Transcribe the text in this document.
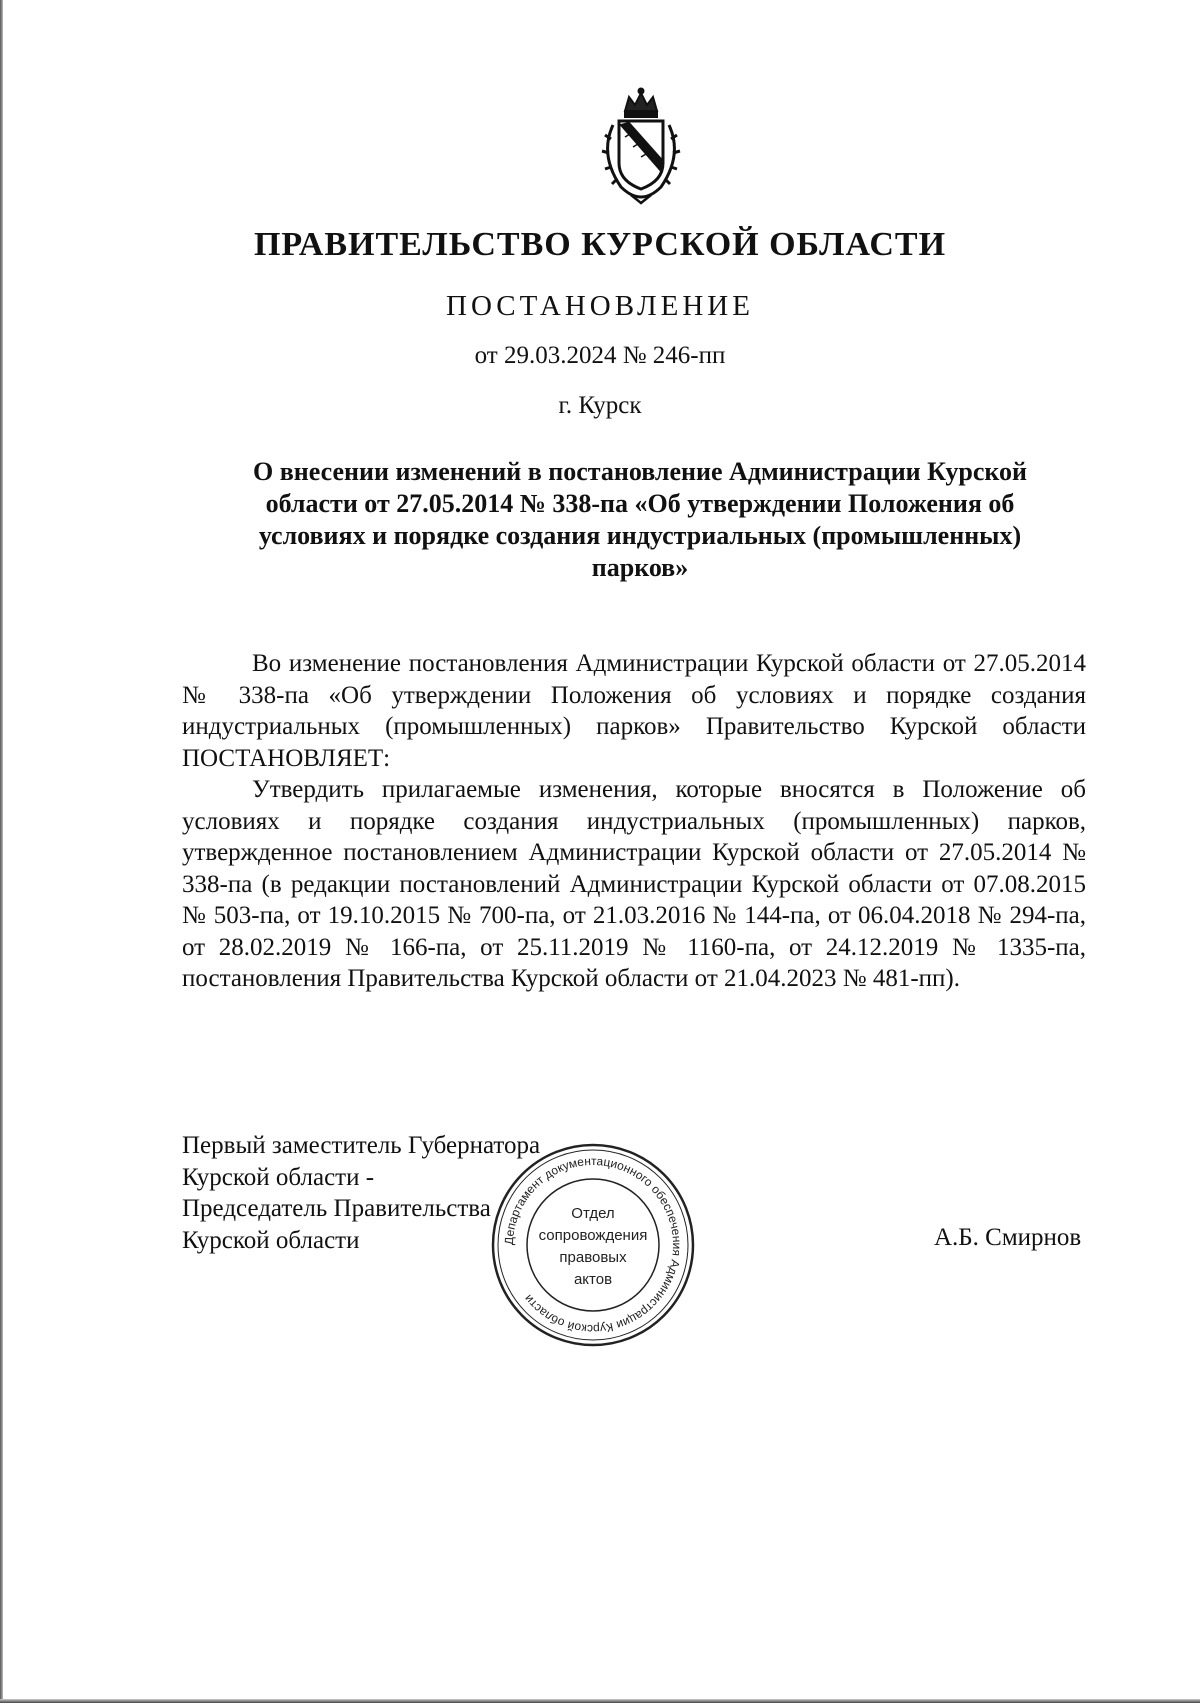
ПРАВИТЕЛЬСТВО КУРСКОЙ ОБЛАСТИ
ПОСТАНОВЛЕНИЕ
от 29.03.2024 № 246-пп
г. Курск
О внесении изменений в постановление Администрации Курской
области от 27.05.2014 № 338-па «Об утверждении Положения об
условиях и порядке создания индустриальных (промышленных)
парков»

Во изменение постановления Администрации Курской области от 27.05.2014 № 338-па «Об утверждении Положения об условиях и порядке создания индустриальных (промышленных) парков» Правительство Курской области ПОСТАНОВЛЯЕТ:

Утвердить прилагаемые изменения, которые вносятся в Положение об условиях и порядке создания индустриальных (промышленных) парков, утвержденное постановлением Администрации Курской области от 27.05.2014 № 338-па (в редакции постановлений Администрации Курской области от 07.08.2015 № 503-па, от 19.10.2015 № 700-па, от 21.03.2016 № 144-па, от 06.04.2018 № 294-па, от 28.02.2019 № 166-па, от 25.11.2019 № 1160-па, от 24.12.2019 № 1335-па, постановления Правительства Курской области от 21.04.2023 № 481-пп).

Первый заместитель Губернатора
Курской области -
Председатель Правительства
Курской области	Департамент документационного обеспечения Администрации Курской области
Отдел
сопровождения
правовых
актов
А.Б. Смирнов
